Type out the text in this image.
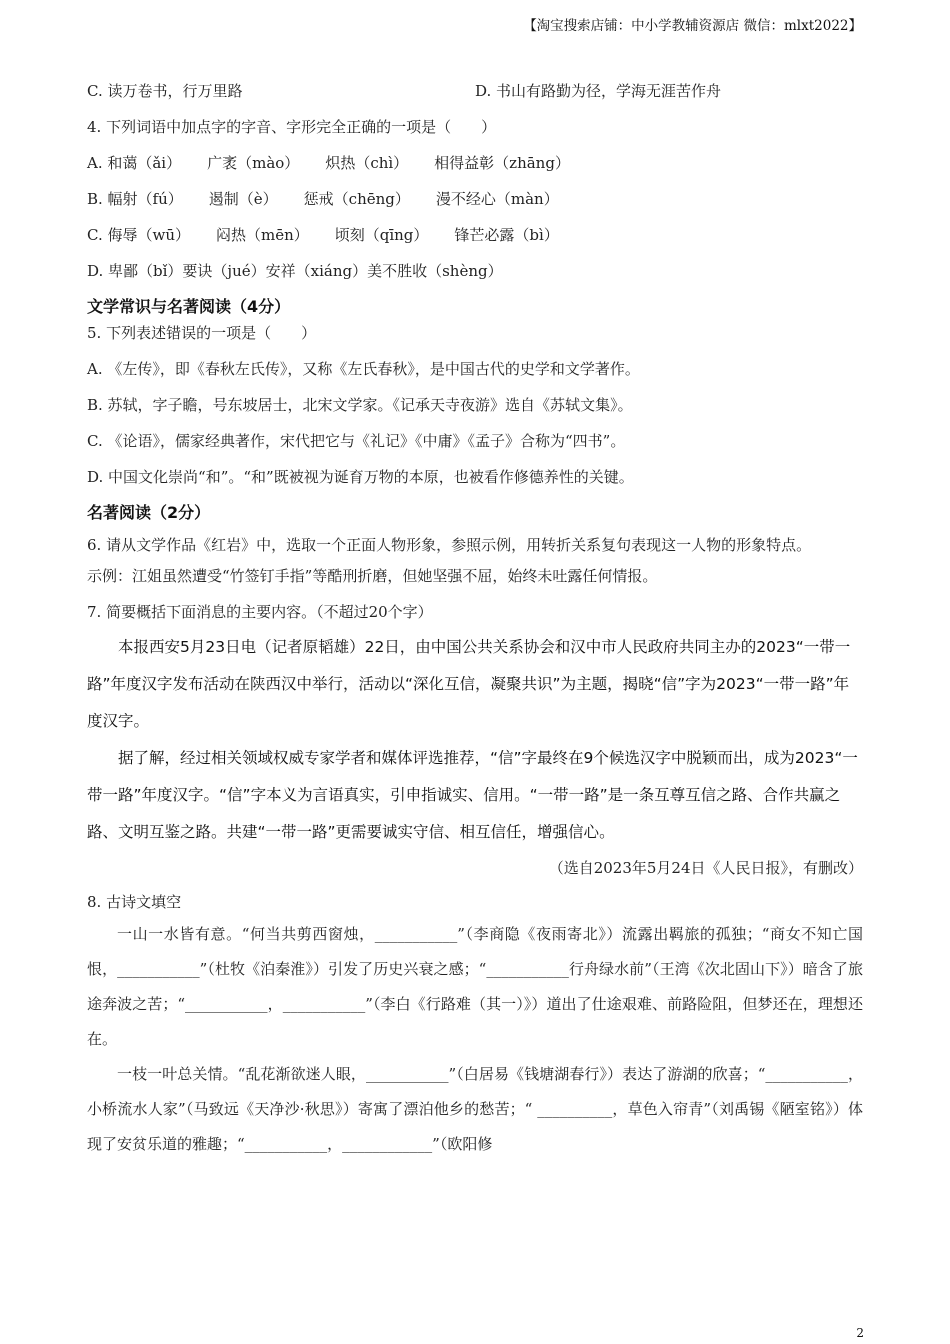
【淘宝搜索店铺：中小学教辅资源店 微信：mlxt2022】
C. 读万卷书，行万里路	D. 书山有路勤为径，学海无涯苦作舟
4. 下列词语中加点字的字音、字形完全正确的一项是（　　）
A. 和蔼（ǎi） 广袤（mào） 炽热（chì） 相得益彰（zhāng）
B. 幅射（fú） 遏制（è） 惩戒（chēng） 漫不经心（màn）
C. 侮辱（wū） 闷热（mēn） 顷刻（qīng） 锋芒必露（bì）
D. 卑鄙（bǐ）要诀（jué）安祥（xiáng）美不胜收（shèng）
文学常识与名著阅读（4分）
5. 下列表述错误的一项是（　　）
A. 《左传》，即《春秋左氏传》，又称《左氏春秋》，是中国古代的史学和文学著作。
B. 苏轼，字子瞻，号东坡居士，北宋文学家。《记承天寺夜游》选自《苏轼文集》。
C. 《论语》，儒家经典著作，宋代把它与《礼记》《中庸》《孟子》合称为“四书”。
D. 中国文化崇尚“和”。“和”既被视为诞育万物的本原，也被看作修德养性的关键。
名著阅读（2分）

6. 请从文学作品《红岩》中，选取一个正面人物形象，参照示例，用转折关系复句表现这一人物的形象特点。

示例：江姐虽然遭受“竹签钉手指”等酷刑折磨，但她坚强不屈，始终未吐露任何情报。
7. 简要概括下面消息的主要内容。（不超过20个字）

本报西安5月23日电（记者原韬雄）22日，由中国公共关系协会和汉中市人民政府共同主办的2023“一带一路”年度汉字发布活动在陕西汉中举行，活动以“深化互信，凝聚共识”为主题，揭晓“信”字为2023“一带一路”年度汉字。

据了解，经过相关领域权威专家学者和媒体评选推荐，“信”字最终在9个候选汉字中脱颖而出，成为2023“一带一路”年度汉字。“信”字本义为言语真实，引申指诚实、信用。“一带一路”是一条互尊互信之路、合作共赢之路、文明互鉴之路。共建“一带一路”更需要诚实守信、相互信任，增强信心。

（选自2023年5月24日《人民日报》，有删改）
8. 古诗文填空

一山一水皆有意。“何当共剪西窗烛，___________”（李商隐《夜雨寄北》）流露出羁旅的孤独；“商女不知亡国恨，___________”（杜牧《泊秦淮》）引发了历史兴衰之感；“___________行舟绿水前”（王湾《次北固山下》）暗含了旅途奔波之苦；“___________，___________”（李白《行路难（其一）》）道出了仕途艰难、前路险阻，但梦还在，理想还在。

一枝一叶总关情。“乱花渐欲迷人眼，___________”（白居易《钱塘湖春行》）表达了游湖的欣喜；“___________，小桥流水人家”（马致远《天净沙·秋思》）寄寓了漂泊他乡的愁苦；“ __________，草色入帘青”（刘禹锡《陋室铭》）体现了安贫乐道的雅趣；“___________，____________”（欧阳修

2
